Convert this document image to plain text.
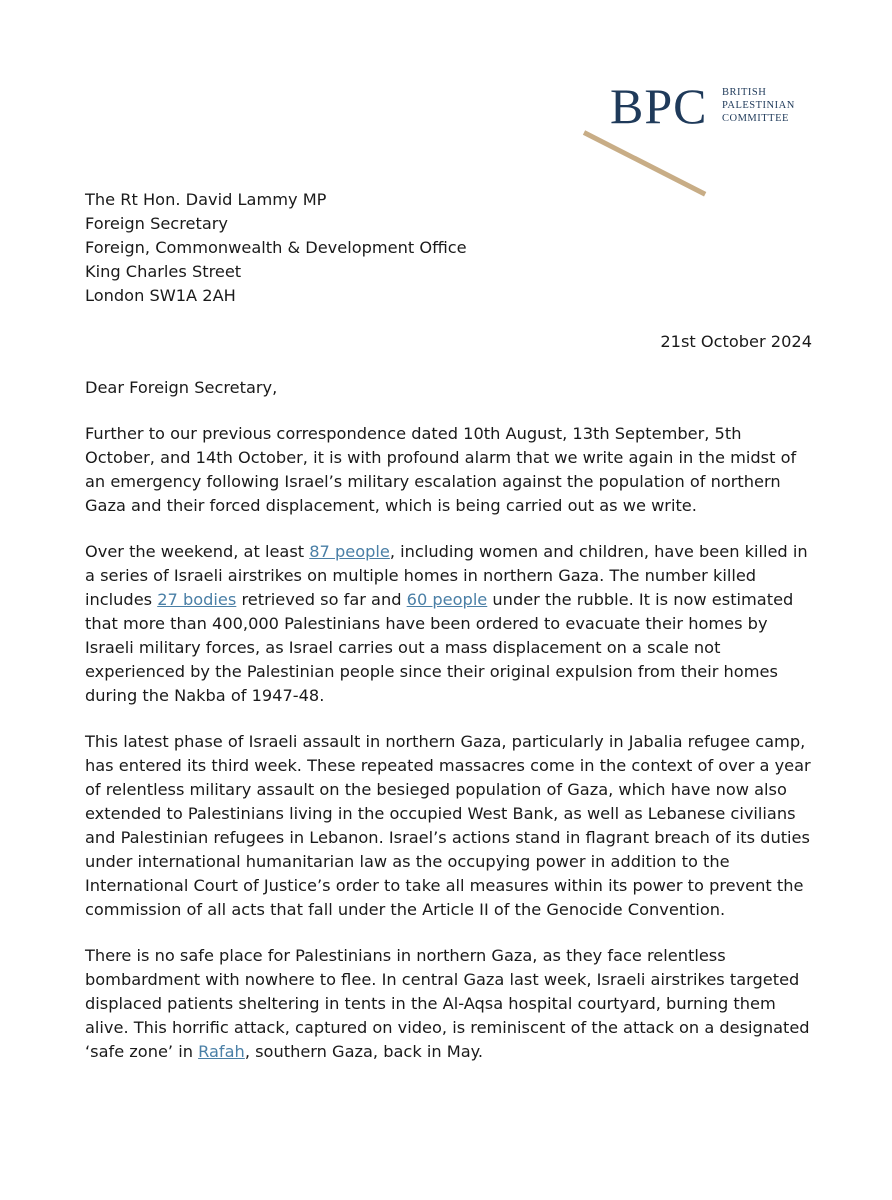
BPC BRITISH
PALESTINIAN
COMMITTEE
The Rt Hon. David Lammy MP
Foreign Secretary
Foreign, Commonwealth & Development Office
King Charles Street
London SW1A 2AH
21st October 2024
Dear Foreign Secretary,

Further to our previous correspondence dated 10th August, 13th September, 5th October, and 14th October, it is with profound alarm that we write again in the midst of an emergency following Israel’s military escalation against the population of northern Gaza and their forced displacement, which is being carried out as we write.

Over the weekend, at least 87 people, including women and children, have been killed in a series of Israeli airstrikes on multiple homes in northern Gaza. The number killed includes 27 bodies retrieved so far and 60 people under the rubble. It is now estimated that more than 400,000 Palestinians have been ordered to evacuate their homes by Israeli military forces, as Israel carries out a mass displacement on a scale not experienced by the Palestinian people since their original expulsion from their homes during the Nakba of 1947-48.

This latest phase of Israeli assault in northern Gaza, particularly in Jabalia refugee camp, has entered its third week. These repeated massacres come in the context of over a year of relentless military assault on the besieged population of Gaza, which have now also extended to Palestinians living in the occupied West Bank, as well as Lebanese civilians and Palestinian refugees in Lebanon. Israel’s actions stand in flagrant breach of its duties under international humanitarian law as the occupying power in addition to the International Court of Justice’s order to take all measures within its power to prevent the commission of all acts that fall under the Article II of the Genocide Convention.

There is no safe place for Palestinians in northern Gaza, as they face relentless bombardment with nowhere to flee. In central Gaza last week, Israeli airstrikes targeted displaced patients sheltering in tents in the Al-Aqsa hospital courtyard, burning them alive. This horrific attack, captured on video, is reminiscent of the attack on a designated ‘safe zone’ in Rafah, southern Gaza, back in May.
